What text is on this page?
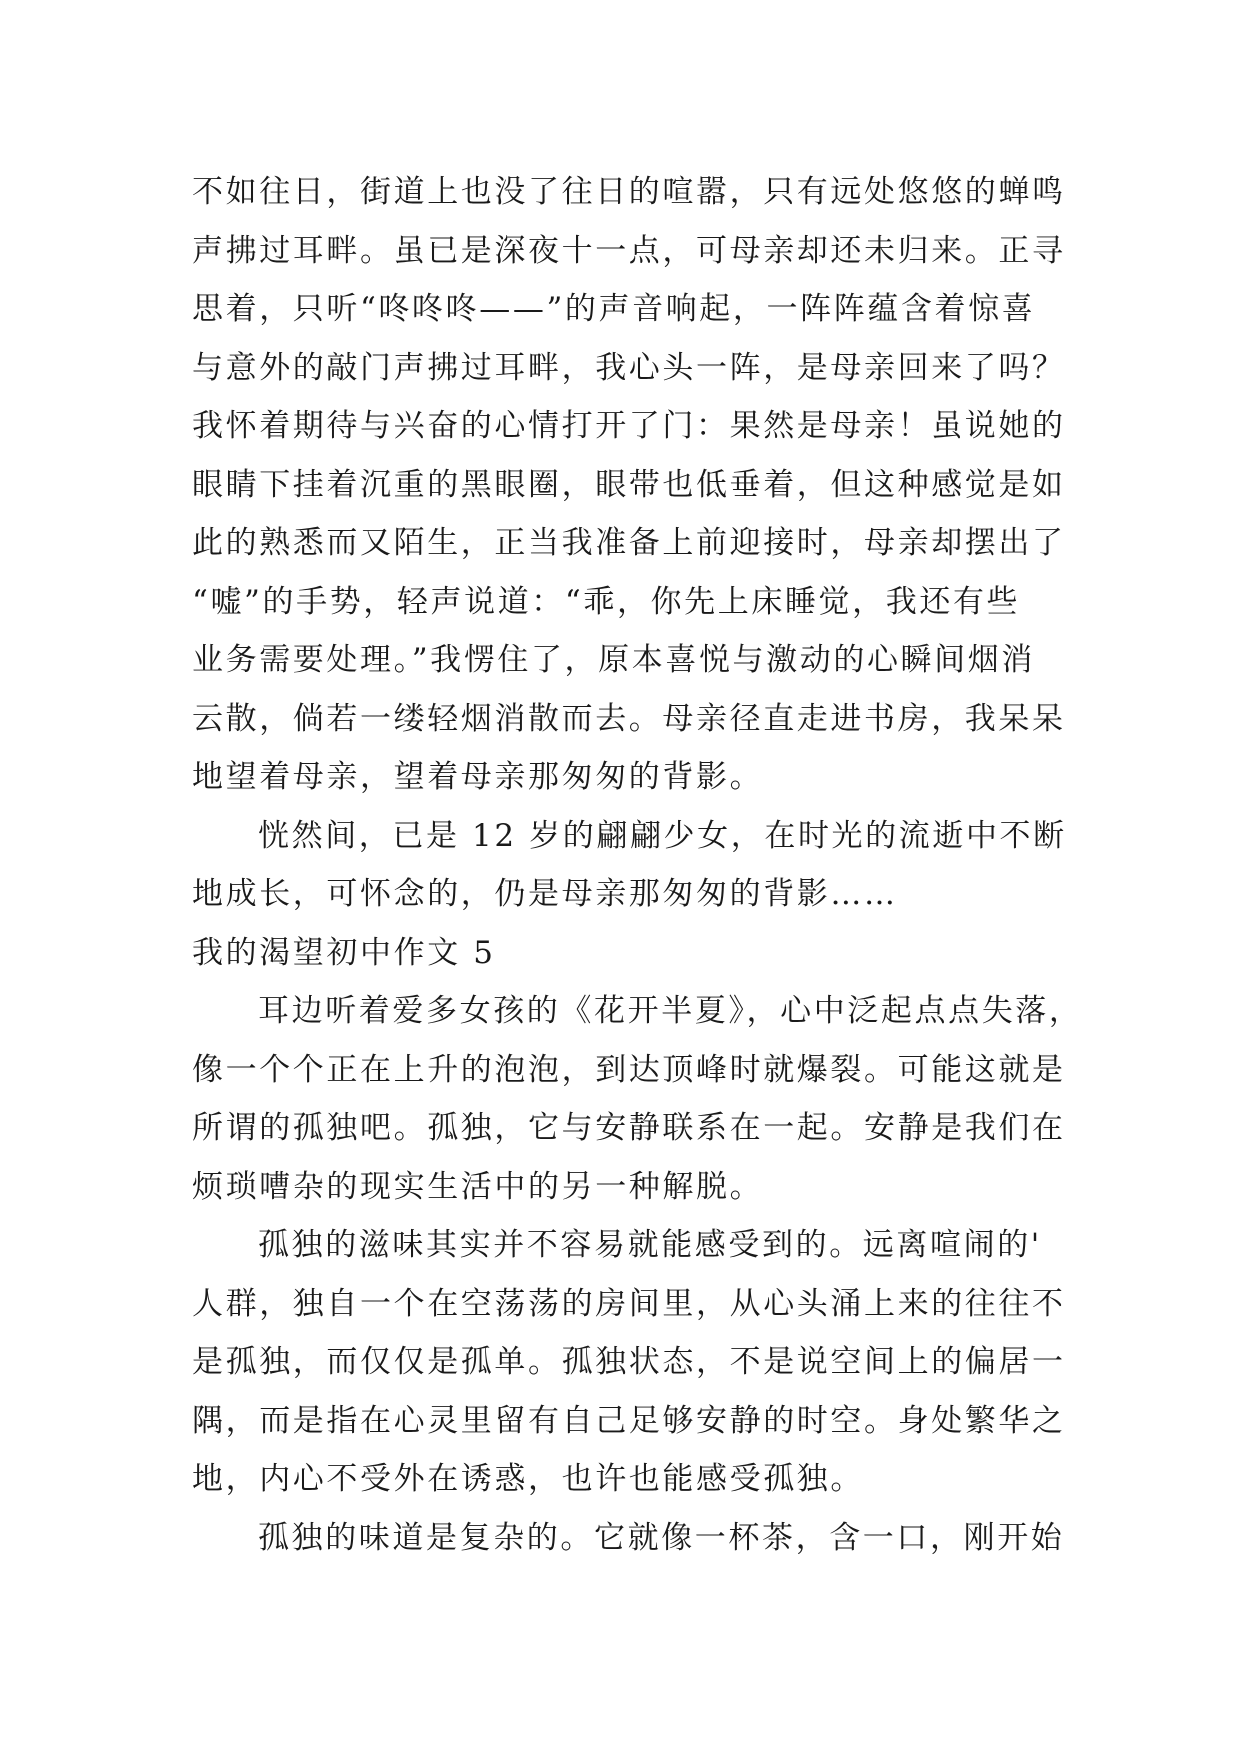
不如往日，街道上也没了往日的喧嚣，只有远处悠悠的蝉鸣
声拂过耳畔。虽已是深夜十一点，可母亲却还未归来。正寻
思着，只听“咚咚咚——”的声音响起，一阵阵蕴含着惊喜
与意外的敲门声拂过耳畔，我心头一阵，是母亲回来了吗？
我怀着期待与兴奋的心情打开了门：果然是母亲！虽说她的
眼睛下挂着沉重的黑眼圈，眼带也低垂着，但这种感觉是如
此的熟悉而又陌生，正当我准备上前迎接时，母亲却摆出了
“嘘”的手势，轻声说道：“乖，你先上床睡觉，我还有些
业务需要处理。”我愣住了，原本喜悦与激动的心瞬间烟消
云散，倘若一缕轻烟消散而去。母亲径直走进书房，我呆呆
地望着母亲，望着母亲那匆匆的背影。
恍然间，已是 12 岁的翩翩少女，在时光的流逝中不断
地成长，可怀念的，仍是母亲那匆匆的背影……
我的渴望初中作文 5
耳边听着爱多女孩的《花开半夏》，心中泛起点点失落，
像一个个正在上升的泡泡，到达顶峰时就爆裂。可能这就是
所谓的孤独吧。孤独，它与安静联系在一起。安静是我们在
烦琐嘈杂的现实生活中的另一种解脱。
孤独的滋味其实并不容易就能感受到的。远离喧闹的'
人群，独自一个在空荡荡的房间里，从心头涌上来的往往不
是孤独，而仅仅是孤单。孤独状态，不是说空间上的偏居一
隅，而是指在心灵里留有自己足够安静的时空。身处繁华之
地，内心不受外在诱惑，也许也能感受孤独。
孤独的味道是复杂的。它就像一杯茶，含一口，刚开始
